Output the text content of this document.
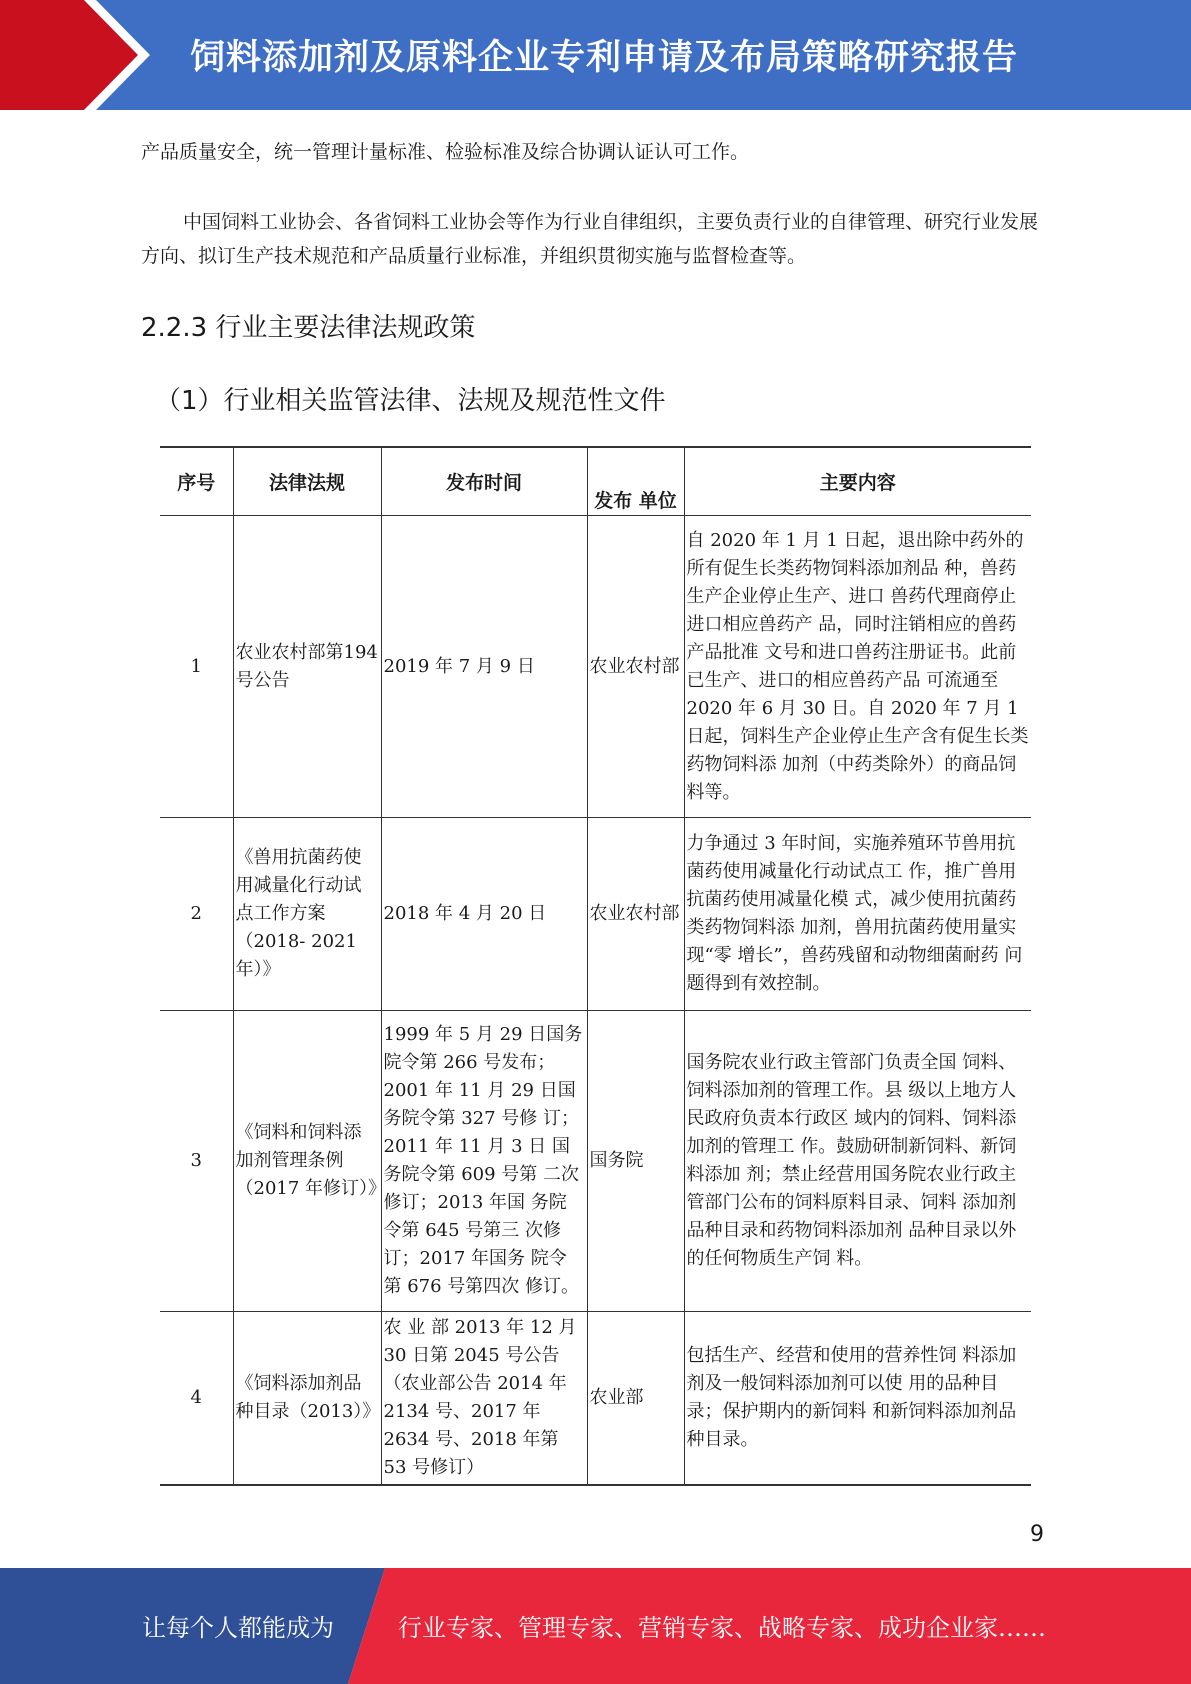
饲料添加剂及原料企业专利申请及布局策略研究报告
产品质量安全，统一管理计量标准、检验标准及综合协调认证认可工作。
中国饲料工业协会、各省饲料工业协会等作为行业自律组织，主要负责行业的自律管理、研究行业发展方向、拟订生产技术规范和产品质量行业标准，并组织贯彻实施与监督检查等。
2.2.3 行业主要法律法规政策
（1）行业相关监管法律、法规及规范性文件
序号	法律法规	发布时间	发布 单位	主要内容
1	农业农村部第194 号公告	2019 年 7 月 9 日	农业农村部	自 2020 年 1 月 1 日起，退出除中药外的所有促生长类药物饲料添加剂品 种，兽药生产企业停止生产、进口 兽药代理商停止进口相应兽药产 品，同时注销相应的兽药产品批准 文号和进口兽药注册证书。此前已生产、进口的相应兽药产品 可流通至 2020 年 6 月 30 日。自 2020 年 7 月 1 日起，饲料生产企业停止生产含有促生长类药物饲料添 加剂（中药类除外）的商品饲料等。
2	《兽用抗菌药使用减量化行动试点工作方案（2018- 2021 年）》	2018 年 4 月 20 日	农业农村部	力争通过 3 年时间，实施养殖环节兽用抗菌药使用减量化行动试点工 作，推广兽用抗菌药使用减量化模 式，减少使用抗菌药类药物饲料添 加剂，兽用抗菌药使用量实现“零 增长”，兽药残留和动物细菌耐药 问题得到有效控制。
3	《饲料和饲料添加剂管理条例（2017 年修订）》	1999 年 5 月 29 日国务院令第 266 号发布；2001 年 11 月 29 日国务院令第 327 号修 订；2011 年 11 月 3 日 国务院令第 609 号第 二次修订；2013 年国 务院令第 645 号第三 次修订；2017 年国务 院令第 676 号第四次 修订。	国务院	国务院农业行政主管部门负责全国 饲料、饲料添加剂的管理工作。县 级以上地方人民政府负责本行政区 域内的饲料、饲料添加剂的管理工 作。鼓励研制新饲料、新饲料添加 剂；禁止经营用国务院农业行政主 管部门公布的饲料原料目录、饲料 添加剂品种目录和药物饲料添加剂 品种目录以外的任何物质生产饲 料。
4	《饲料添加剂品种目录（2013）》	农 业 部 2013 年 12 月 30 日第 2045 号公告（农业部公告 2014 年 2134 号、2017 年 2634 号、2018 年第 53 号修订）	农业部	包括生产、经营和使用的营养性饲 料添加剂及一般饲料添加剂可以使 用的品种目录；保护期内的新饲料 和新饲料添加剂品种目录。
9
让每个人都能成为	行业专家、管理专家、营销专家、战略专家、成功企业家……
